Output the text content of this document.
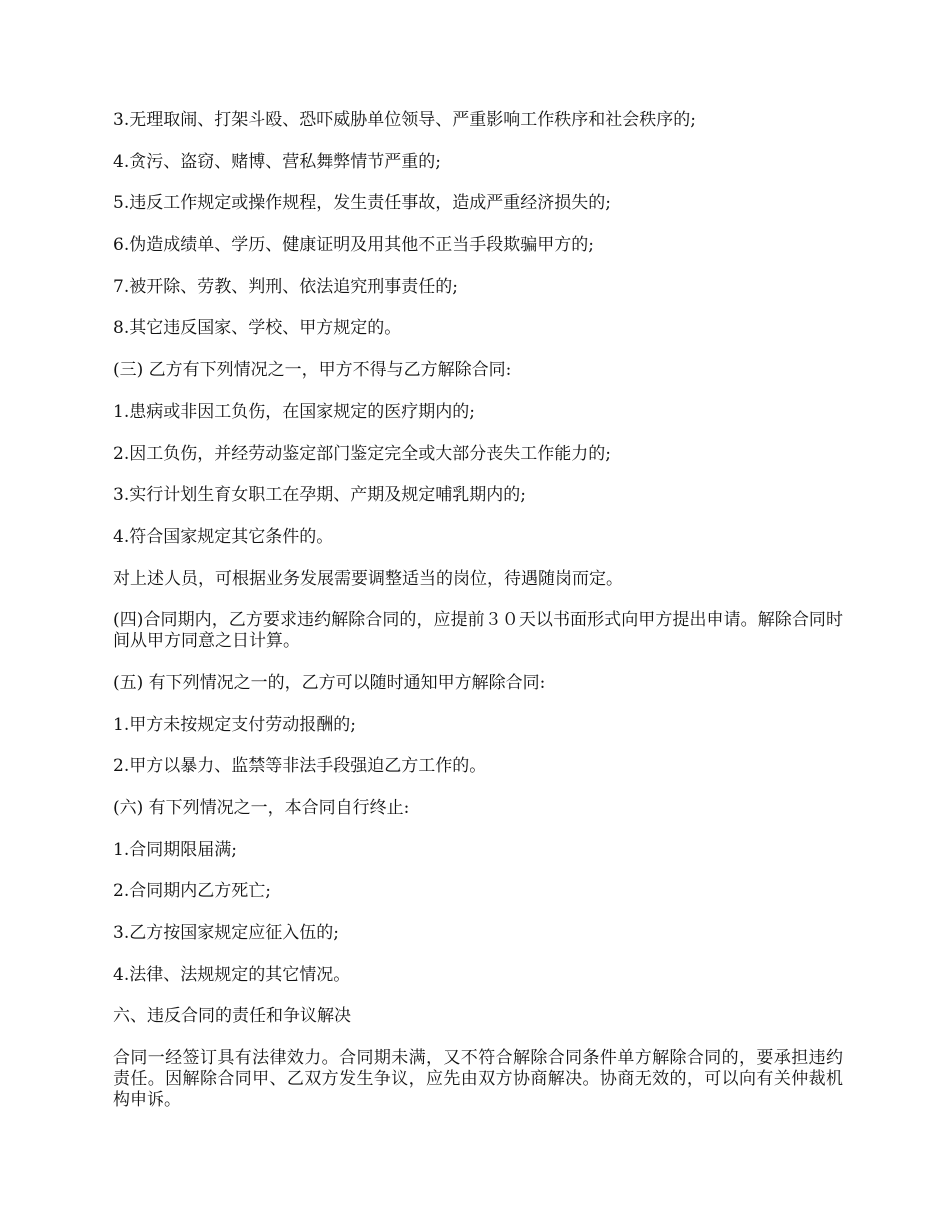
3.无理取闹、打架斗殴、恐吓威胁单位领导、严重影响工作秩序和社会秩序的;

4.贪污、盗窃、赌博、营私舞弊情节严重的;

5.违反工作规定或操作规程，发生责任事故，造成严重经济损失的;

6.伪造成绩单、学历、健康证明及用其他不正当手段欺骗甲方的;

7.被开除、劳教、判刑、依法追究刑事责任的;

8.其它违反国家、学校、甲方规定的。

(三) 乙方有下列情况之一，甲方不得与乙方解除合同:

1.患病或非因工负伤，在国家规定的医疗期内的;

2.因工负伤，并经劳动鉴定部门鉴定完全或大部分丧失工作能力的;

3.实行计划生育女职工在孕期、产期及规定哺乳期内的;

4.符合国家规定其它条件的。

对上述人员，可根据业务发展需要调整适当的岗位，待遇随岗而定。

(四)合同期内，乙方要求违约解除合同的，应提前３０天以书面形式向甲方提出申请。解除合同时间从甲方同意之日计算。

(五) 有下列情况之一的，乙方可以随时通知甲方解除合同:

1.甲方未按规定支付劳动报酬的;

2.甲方以暴力、监禁等非法手段强迫乙方工作的。

(六) 有下列情况之一，本合同自行终止:

1.合同期限届满;

2.合同期内乙方死亡;

3.乙方按国家规定应征入伍的;

4.法律、法规规定的其它情况。

六、违反合同的责任和争议解决

合同一经签订具有法律效力。合同期未满，又不符合解除合同条件单方解除合同的，要承担违约责任。因解除合同甲、乙双方发生争议，应先由双方协商解决。协商无效的，可以向有关仲裁机构申诉。
